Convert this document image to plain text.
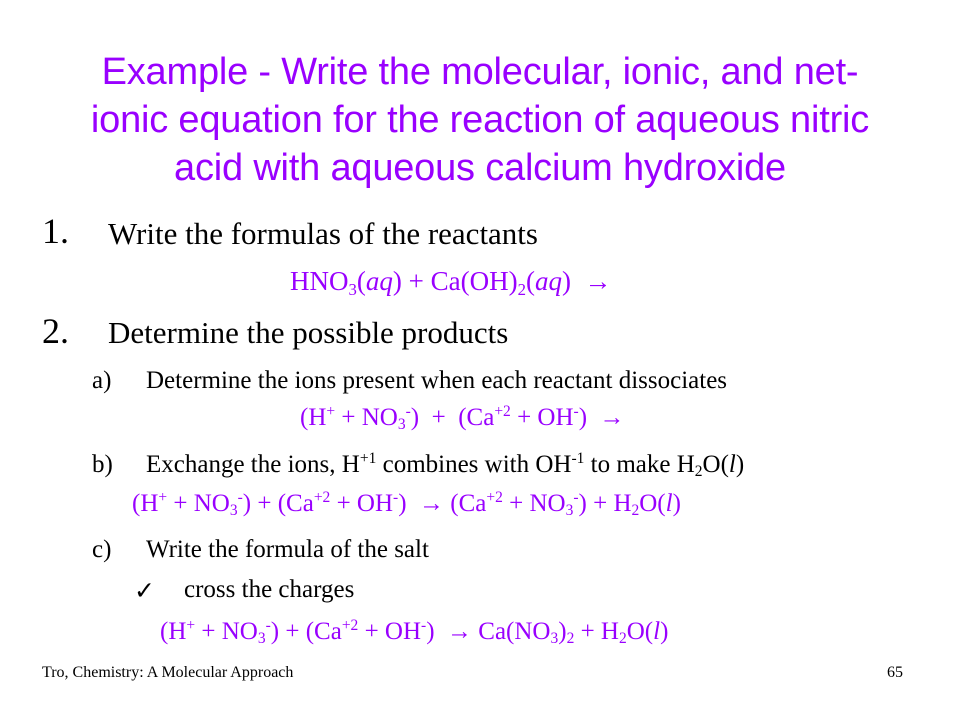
Example - Write the molecular, ionic, and net-
ionic equation for the reaction of aqueous nitric
acid with aqueous calcium hydroxide
1. Write the formulas of the reactants
$HNO_3(aq) + Ca(OH)_2(aq)$  →
2. Determine the possible products
a) Determine the ions present when each reactant dissociates
$(H^+ + NO_3^-) + (Ca^{+2} + OH^-)$  →
b) Exchange the ions, $H^{+1}$ combines with $OH^{-1}$ to make $H_2O(l)$
$(H^+ + NO_3^-) + (Ca^{+2} + OH^-) \to (Ca^{+2} + NO_3^-) + H_2O(l)$
c) Write the formula of the salt
✓ cross the charges
$(H^+ + NO_3^-) + (Ca^{+2} + OH^-) \to Ca(NO_3)_2 + H_2O(l)$
Tro, Chemistry: A Molecular Approach	65
